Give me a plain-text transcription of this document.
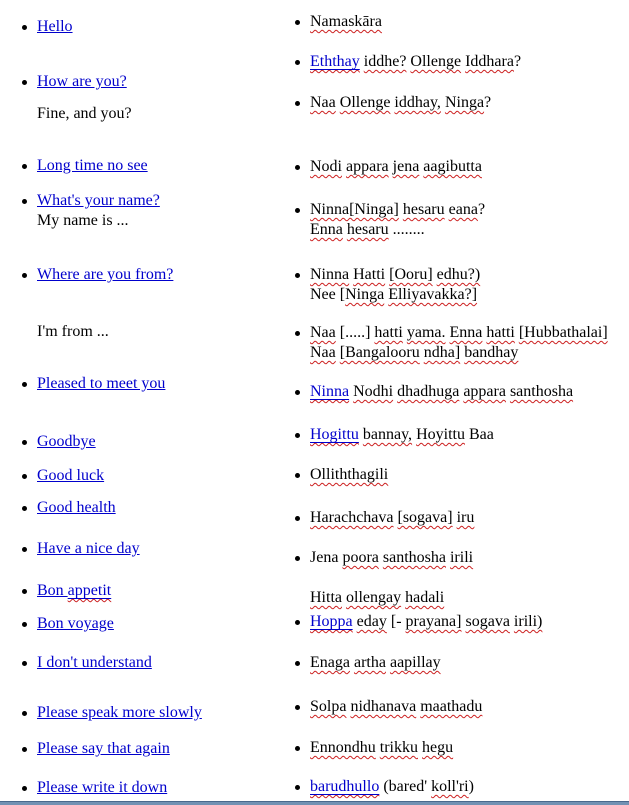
Hello
How are you?
Fine, and you?
Long time no see
What's your name?
My name is ...
Where are you from?
I'm from ...
Pleased to meet you
Goodbye
Good luck
Good health
Have a nice day
Bon appetit
Bon voyage
I don't understand
Please speak more slowly
Please say that again
Please write it down
Namaskāra
Eththay iddhe? Ollenge Iddhara?
Naa Ollenge iddhay, Ninga?
Nodi appara jena aagibutta
Ninna[Ninga] hesaru eana?
Enna hesaru ........
Ninna Hatti [Ooru] edhu?)
Nee [Ninga Elliyavakka?]
Naa [.....] hatti yama. Enna hatti [Hubbathalai]
Naa [Bangalooru ndha] bandhay
Ninna Nodhi dhadhuga appara santhosha
Hogittu bannay, Hoyittu Baa
Olliththagili
Harachchava [sogava] iru
Jena poora santhosha irili
Hitta ollengay hadali
Hoppa eday [- prayana] sogava irili)
Enaga artha aapillay
Solpa nidhanava maathadu
Ennondhu trikku hegu
barudhullo (bared' koll'ri)
